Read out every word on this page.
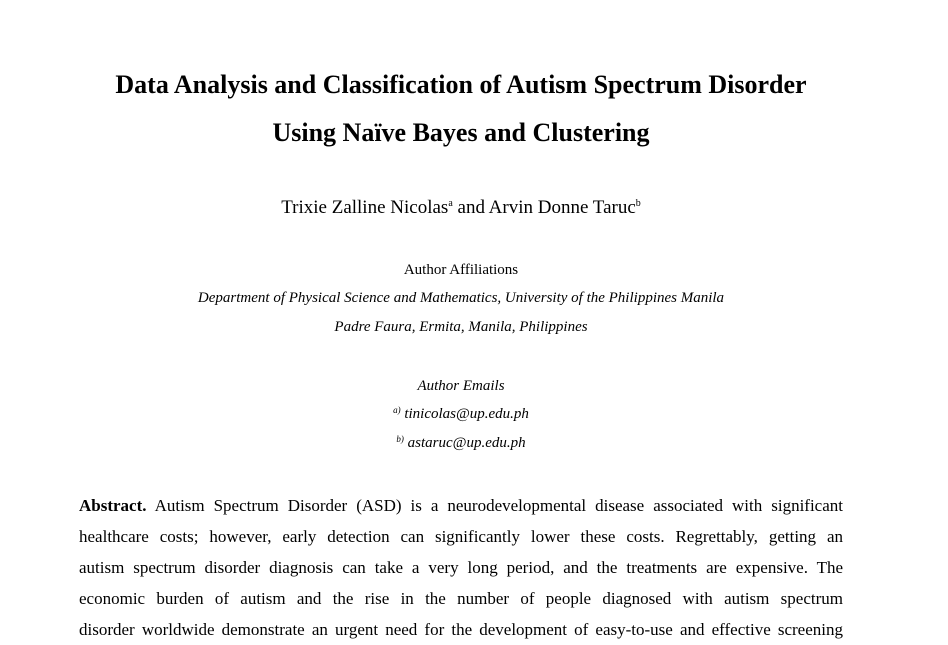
Data Analysis and Classification of Autism Spectrum Disorder
Using Naïve Bayes and Clustering
Trixie Zalline Nicolas$^a$ and Arvin Donne Taruc$^b$
Author Affiliations
Department of Physical Science and Mathematics, University of the Philippines Manila
Padre Faura, Ermita, Manila, Philippines
Author Emails
$^{a)}$ tinicolas@up.edu.ph
$^{b)}$ astaruc@up.edu.ph
Abstract. Autism Spectrum Disorder (ASD) is a neurodevelopmental disease associated with significant
healthcare costs; however, early detection can significantly lower these costs. Regrettably, getting an
autism spectrum disorder diagnosis can take a very long period, and the treatments are expensive. The
economic burden of autism and the rise in the number of people diagnosed with autism spectrum
disorder worldwide demonstrate an urgent need for the development of easy-to-use and effective screening
